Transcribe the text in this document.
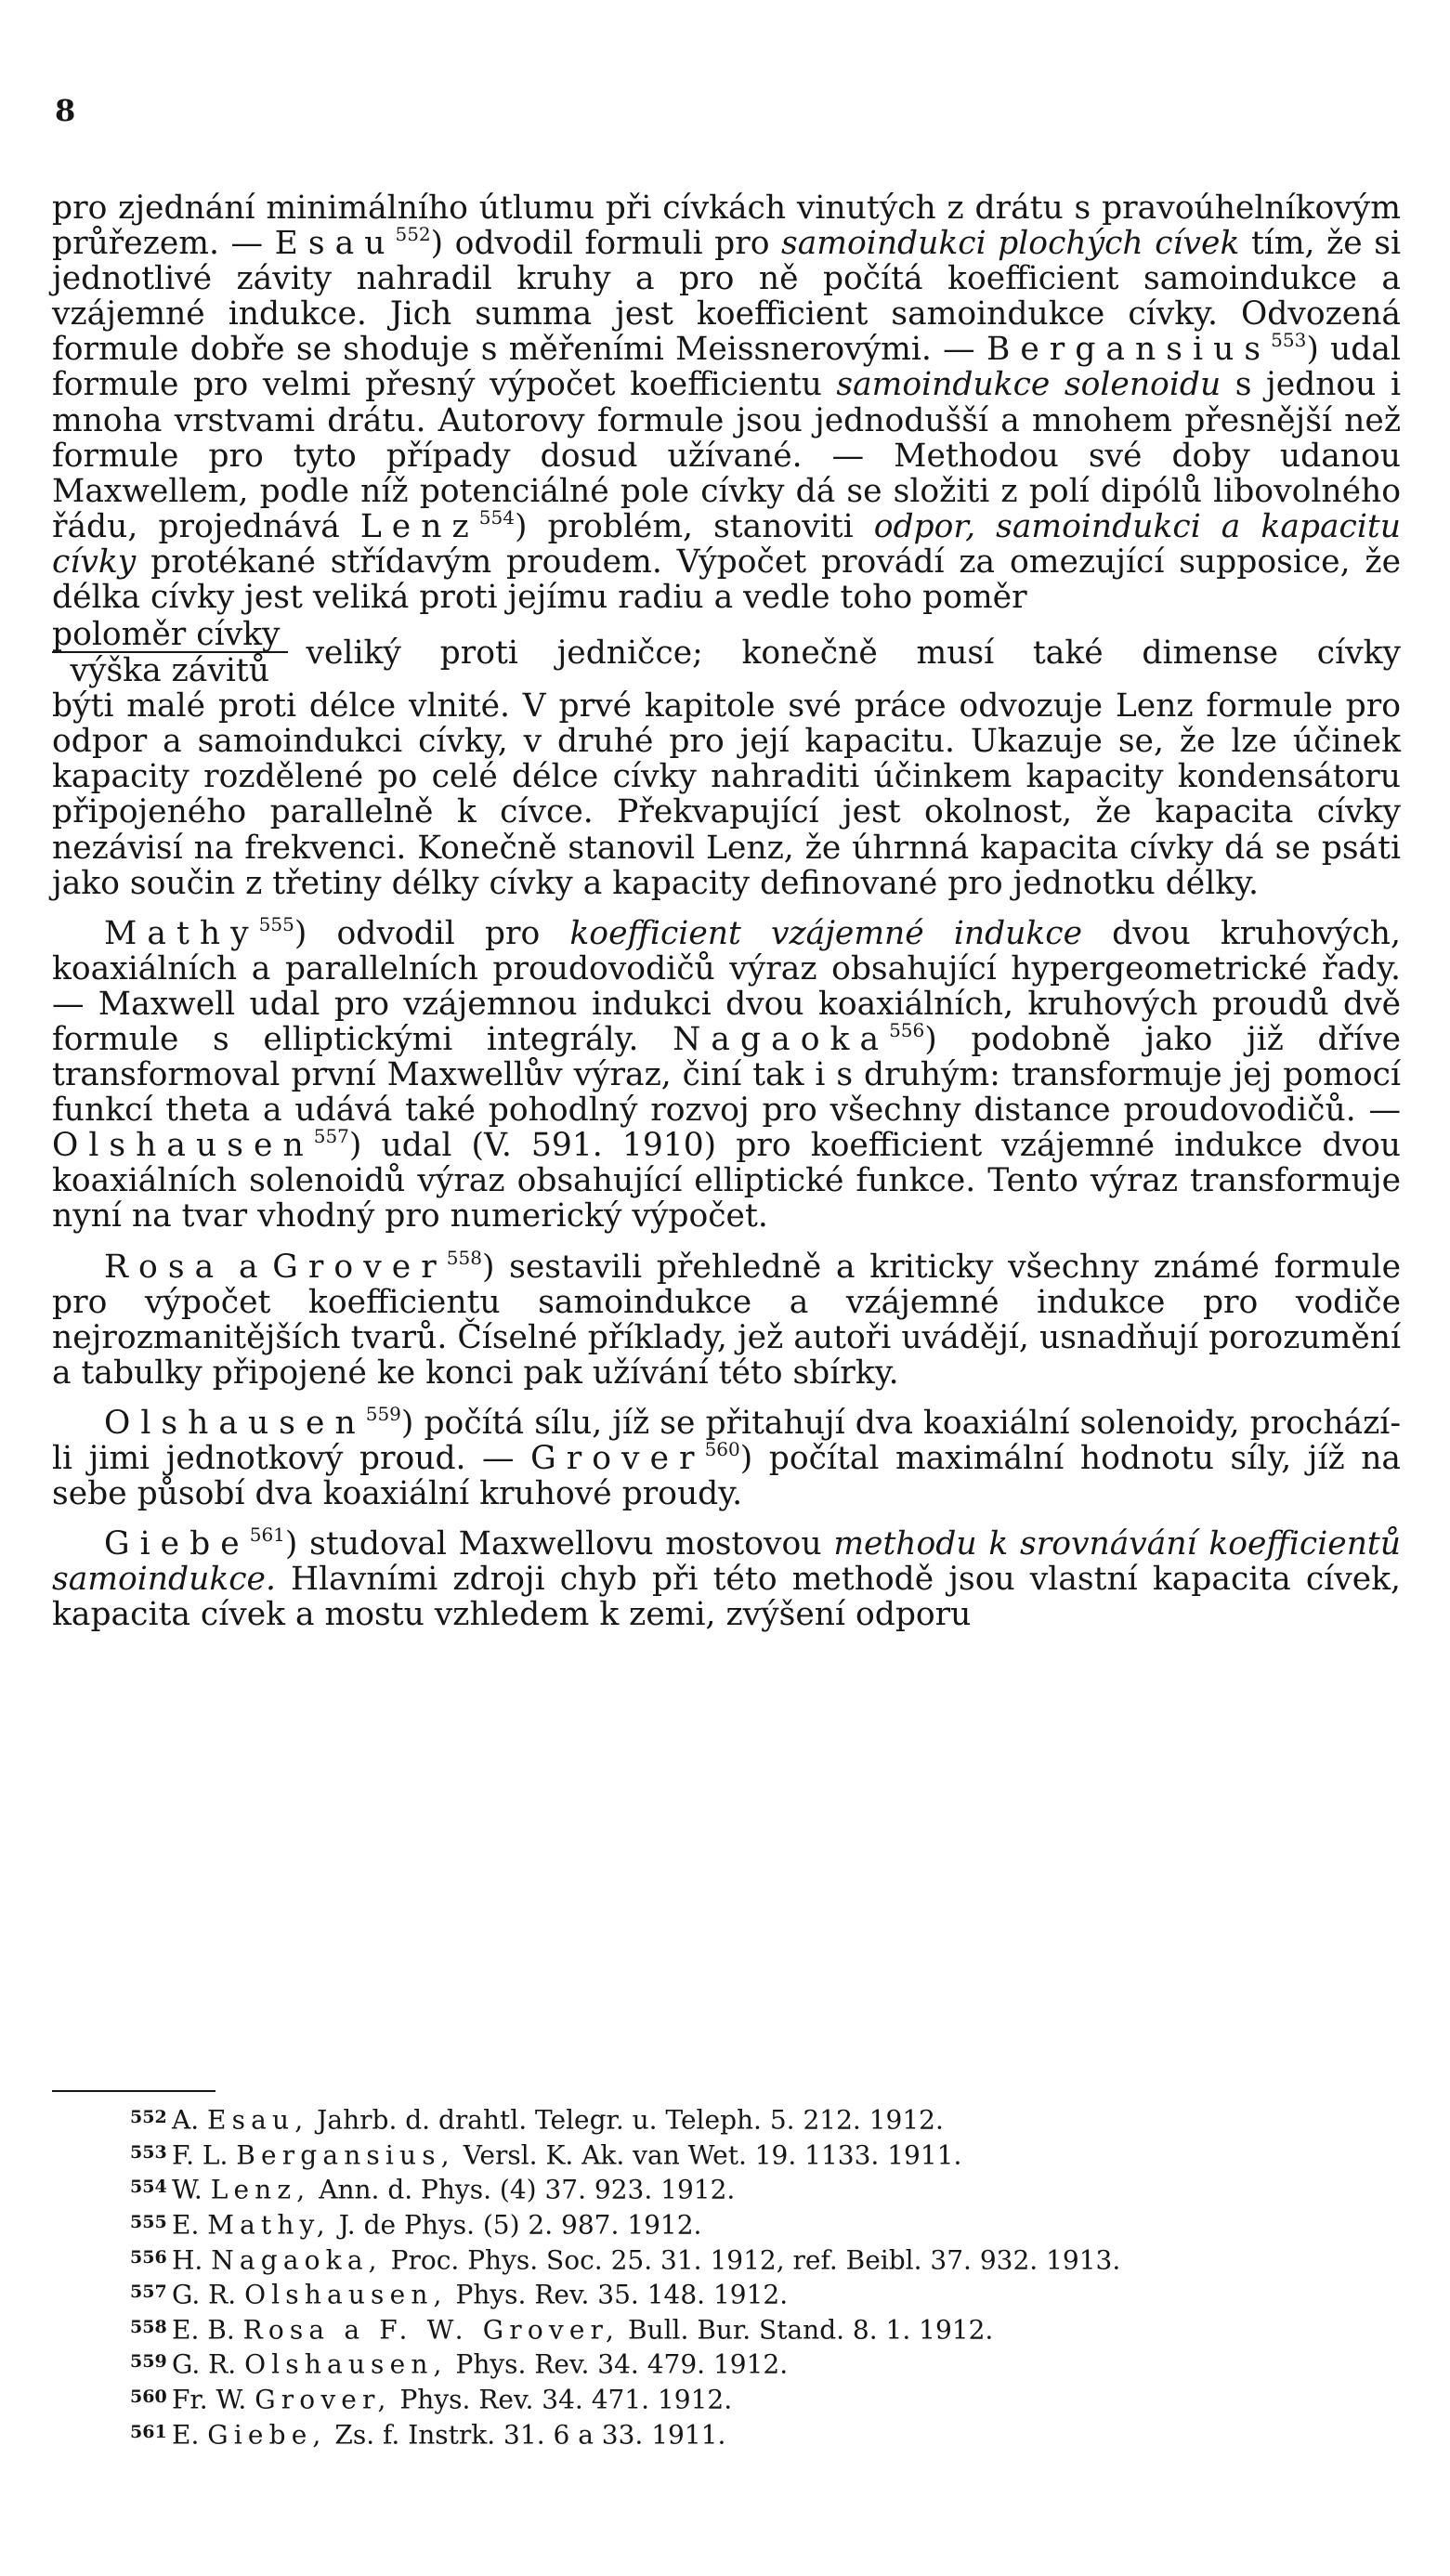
8

pro zjednání minimálního útlumu při cívkách vinutých z drátu s pravoúhelníkovým průřezem. — Esau$^{552}$) odvodil formuli pro samoindukci plochých cívek tím, že si jednotlivé závity nahradil kruhy a pro ně počítá koefficient samoindukce a vzájemné indukce. Jich summa jest koefficient samoindukce cívky. Odvozená formule dobře se shoduje s měřeními Meissnerovými. — Bergansius$^{553}$) udal formule pro velmi přesný výpočet koefficientu samoindukce solenoidu s jednou i mnoha vrstvami drátu. Autorovy formule jsou jednodušší a mnohem přesnější než formule pro tyto případy dosud užívané. — Methodou své doby udanou Maxwellem, podle níž potenciálné pole cívky dá se složiti z polí dipólů libovolného řádu, projednává Lenz$^{554}$) problém, stanoviti odpor, samoindukci a kapacitu cívky protékané střídavým proudem. Výpočet provádí za omezující supposice, že délka cívky jest veliká proti jejímu radiu a vedle toho poměr

$\frac{\text{poloměr cívky}}{\text{výška závitů}}$ veliký proti jedničce; konečně musí také dimense cívky

býti malé proti délce vlnité. V prvé kapitole své práce odvozuje Lenz formule pro odpor a samoindukci cívky, v druhé pro její kapacitu. Ukazuje se, že lze účinek kapacity rozdělené po celé délce cívky nahraditi účinkem kapacity kondensátoru připojeného parallelně k cívce. Překvapující jest okolnost, že kapacita cívky nezávisí na frekvenci. Konečně stanovil Lenz, že úhrnná kapacita cívky dá se psáti jako součin z třetiny délky cívky a kapacity definované pro jednotku délky.

Mathy$^{555}$) odvodil pro koefficient vzájemné indukce dvou kruhových, koaxiálních a parallelních proudovodičů výraz obsahující hypergeometrické řady. — Maxwell udal pro vzájemnou indukci dvou koaxiálních, kruhových proudů dvě formule s elliptickými integrály. Nagaoka$^{556}$) podobně jako již dříve transformoval první Maxwellův výraz, činí tak i s druhým: transformuje jej pomocí funkcí theta a udává také pohodlný rozvoj pro všechny distance proudovodičů. — Olshausen$^{557}$) udal (V. 591. 1910) pro koefficient vzájemné indukce dvou koaxiálních solenoidů výraz obsahující elliptické funkce. Tento výraz transformuje nyní na tvar vhodný pro numerický výpočet.

Rosa a Grover$^{558}$) sestavili přehledně a kriticky všechny známé formule pro výpočet koefficientu samoindukce a vzájemné indukce pro vodiče nejrozmanitějších tvarů. Číselné příklady, jež autoři uvádějí, usnadňují porozumění a tabulky připojené ke konci pak užívání této sbírky.

Olshausen$^{559}$) počítá sílu, jíž se přitahují dva koaxiální solenoidy, prochází-li jimi jednotkový proud. — Grover$^{560}$) počítal maximální hodnotu síly, jíž na sebe působí dva koaxiální kruhové proudy.

Giebe$^{561}$) studoval Maxwellovu mostovou methodu k srovnávání koefficientů samoindukce. Hlavními zdroji chyb při této methodě jsou vlastní kapacita cívek, kapacita cívek a mostu vzhledem k zemi, zvýšení odporu

552 A. Esau, Jahrb. d. drahtl. Telegr. u. Teleph. 5. 212. 1912.
553 F. L. Bergansius, Versl. K. Ak. van Wet. 19. 1133. 1911.
554 W. Lenz, Ann. d. Phys. (4) 37. 923. 1912.
555 E. Mathy, J. de Phys. (5) 2. 987. 1912.
556 H. Nagaoka, Proc. Phys. Soc. 25. 31. 1912, ref. Beibl. 37. 932. 1913.
557 G. R. Olshausen, Phys. Rev. 35. 148. 1912.
558 E. B. Rosa a F. W. Grover, Bull. Bur. Stand. 8. 1. 1912.
559 G. R. Olshausen, Phys. Rev. 34. 479. 1912.
560 Fr. W. Grover, Phys. Rev. 34. 471. 1912.
561 E. Giebe, Zs. f. Instrk. 31. 6 a 33. 1911.
